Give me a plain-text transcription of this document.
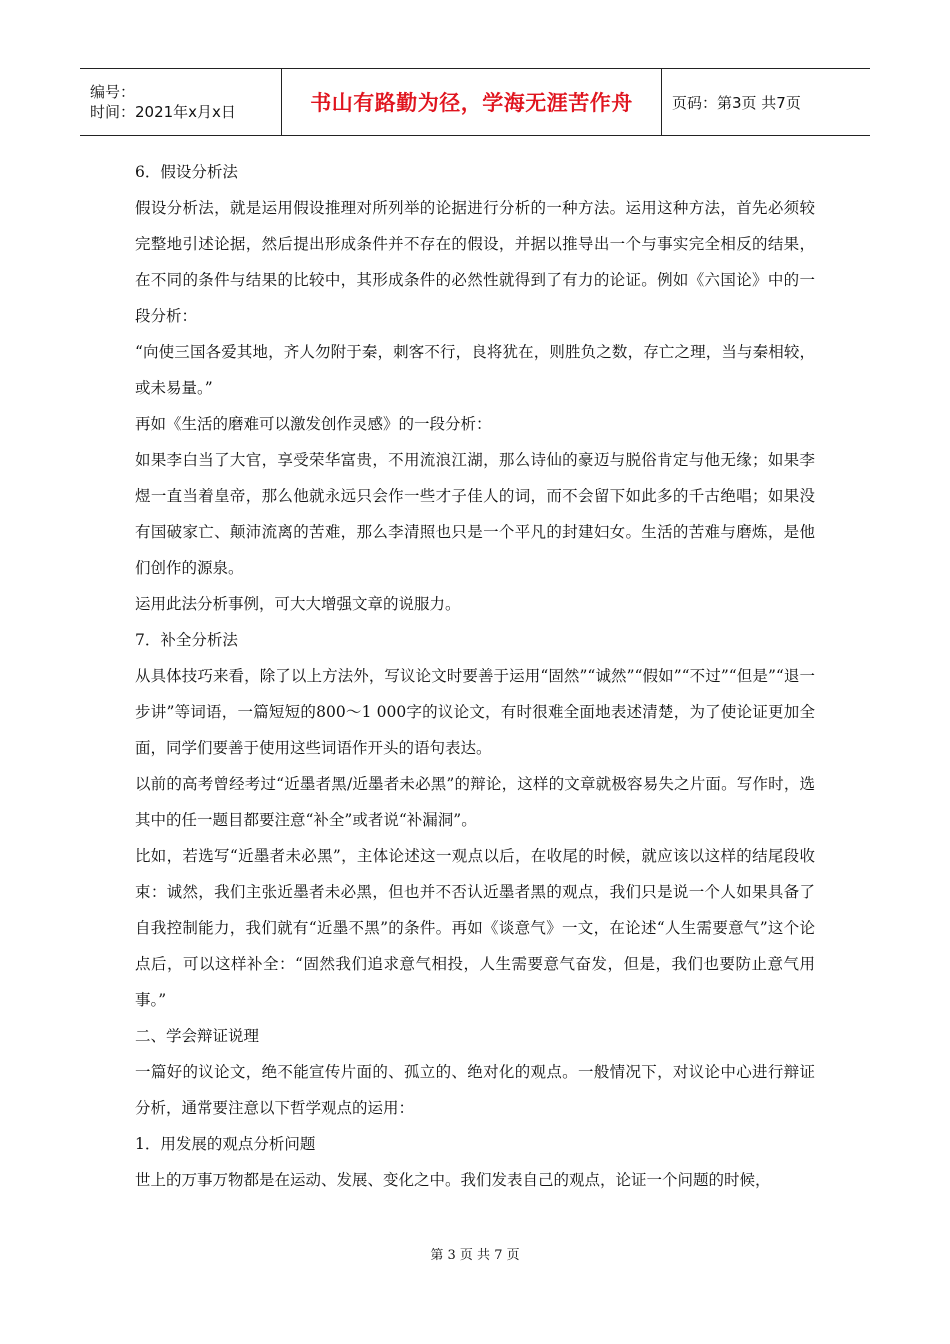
编号：
时间：2021年x月x日	书山有路勤为径，学海无涯苦作舟	页码：第3页 共7页

6．假设分析法

假设分析法，就是运用假设推理对所列举的论据进行分析的一种方法。运用这种方法，首先必须较完整地引述论据，然后提出形成条件并不存在的假设，并据以推导出一个与事实完全相反的结果，在不同的条件与结果的比较中，其形成条件的必然性就得到了有力的论证。例如《六国论》中的一段分析：

“向使三国各爱其地，齐人勿附于秦，刺客不行，良将犹在，则胜负之数，存亡之理，当与秦相较，或未易量。”

再如《生活的磨难可以激发创作灵感》的一段分析：

如果李白当了大官，享受荣华富贵，不用流浪江湖，那么诗仙的豪迈与脱俗肯定与他无缘；如果李煜一直当着皇帝，那么他就永远只会作一些才子佳人的词，而不会留下如此多的千古绝唱；如果没有国破家亡、颠沛流离的苦难，那么李清照也只是一个平凡的封建妇女。生活的苦难与磨炼，是他们创作的源泉。

运用此法分析事例，可大大增强文章的说服力。

7．补全分析法

从具体技巧来看，除了以上方法外，写议论文时要善于运用“固然”“诚然”“假如”“不过”“但是”“退一步讲”等词语，一篇短短的800～1 000字的议论文，有时很难全面地表述清楚，为了使论证更加全面，同学们要善于使用这些词语作开头的语句表达。

以前的高考曾经考过“近墨者黑/近墨者未必黑”的辩论，这样的文章就极容易失之片面。写作时，选其中的任一题目都要注意“补全”或者说“补漏洞”。

比如，若选写“近墨者未必黑”，主体论述这一观点以后，在收尾的时候，就应该以这样的结尾段收束：诚然，我们主张近墨者未必黑，但也并不否认近墨者黑的观点，我们只是说一个人如果具备了自我控制能力，我们就有“近墨不黑”的条件。再如《谈意气》一文，在论述“人生需要意气”这个论点后，可以这样补全：“固然我们追求意气相投，人生需要意气奋发，但是，我们也要防止意气用事。”

二、学会辩证说理

一篇好的议论文，绝不能宣传片面的、孤立的、绝对化的观点。一般情况下，对议论中心进行辩证分析，通常要注意以下哲学观点的运用：

1．用发展的观点分析问题

世上的万事万物都是在运动、发展、变化之中。我们发表自己的观点，论证一个问题的时候，

第 3 页 共 7 页
